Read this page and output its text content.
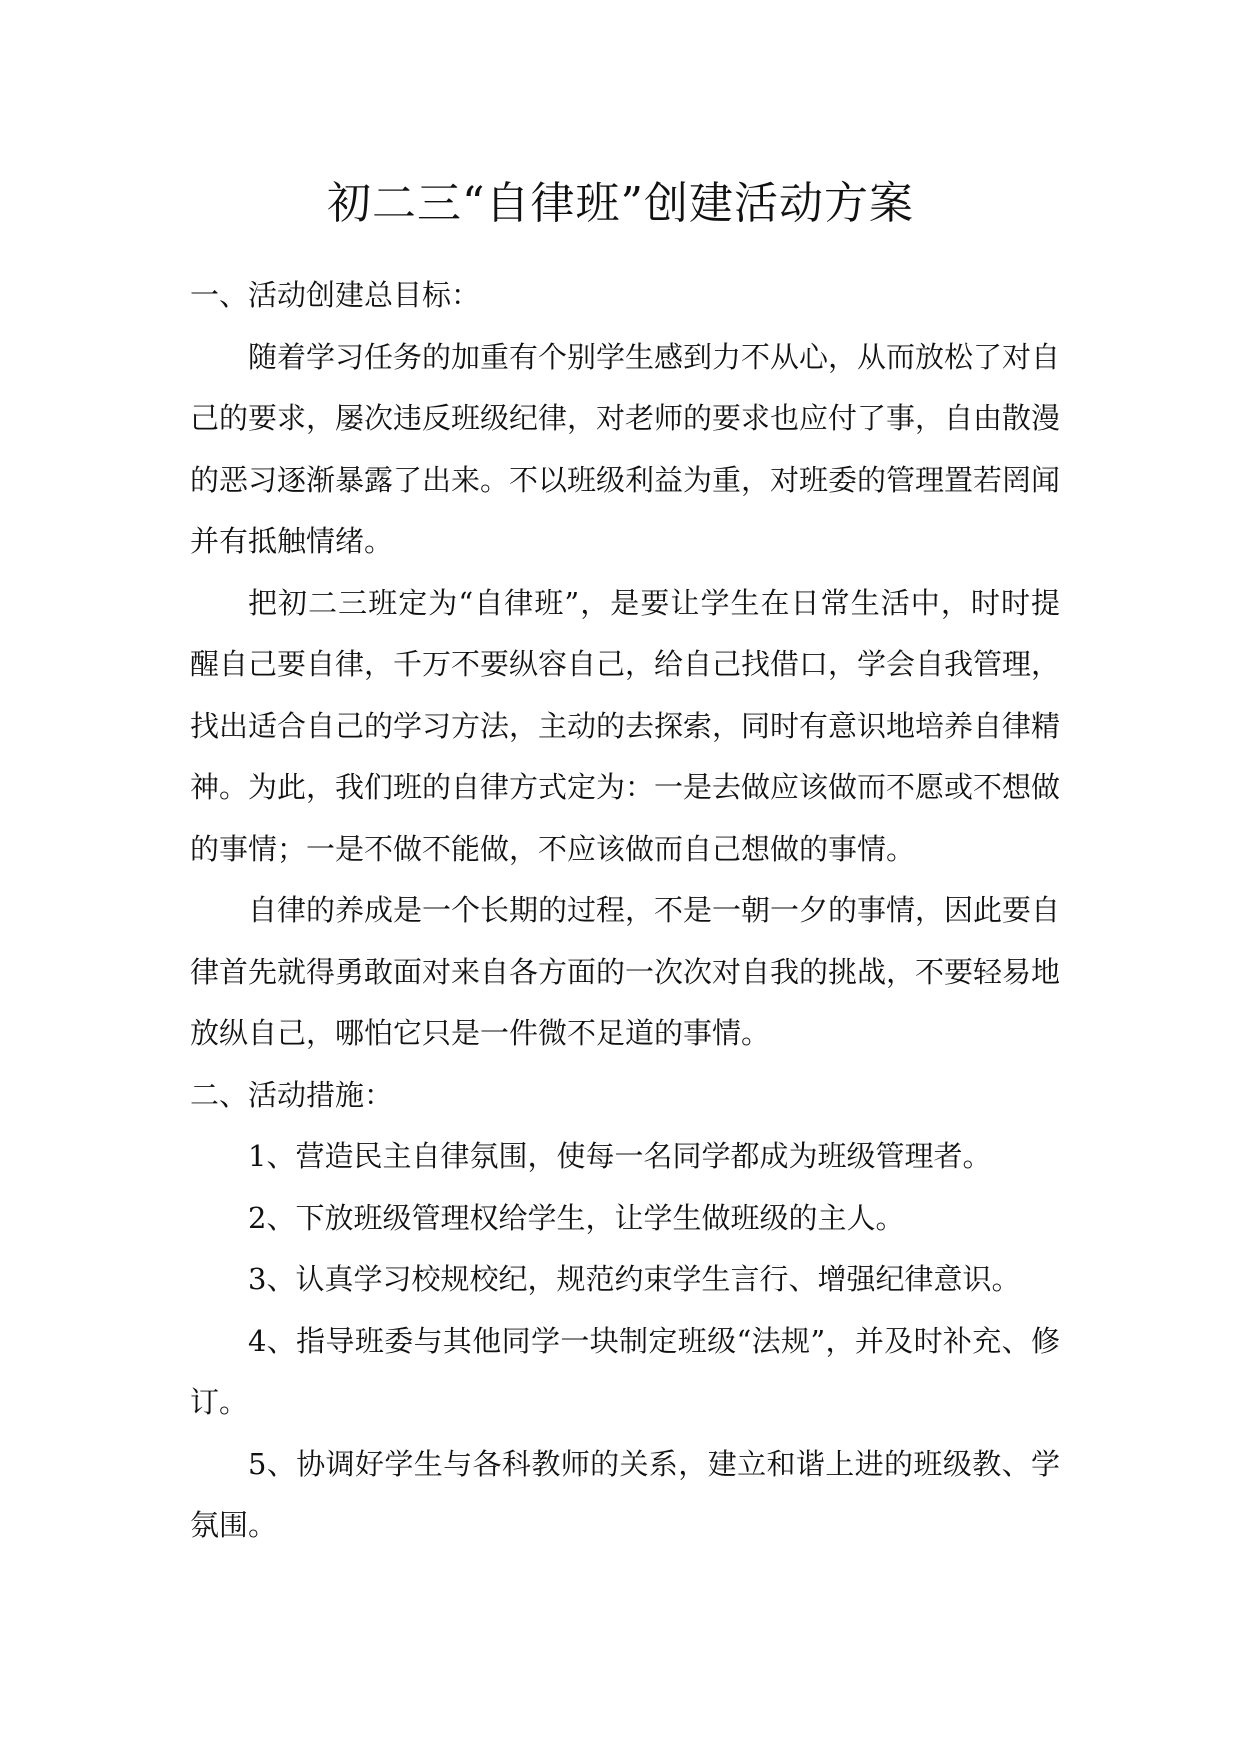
初二三“自律班”创建活动方案

一、活动创建总目标：

随着学习任务的加重有个别学生感到力不从心，从而放松了对自己的要求，屡次违反班级纪律，对老师的要求也应付了事，自由散漫的恶习逐渐暴露了出来。不以班级利益为重，对班委的管理置若罔闻并有抵触情绪。

把初二三班定为“自律班”，是要让学生在日常生活中，时时提醒自己要自律，千万不要纵容自己，给自己找借口，学会自我管理，找出适合自己的学习方法，主动的去探索，同时有意识地培养自律精神。为此，我们班的自律方式定为：一是去做应该做而不愿或不想做的事情；一是不做不能做，不应该做而自己想做的事情。

自律的养成是一个长期的过程，不是一朝一夕的事情，因此要自律首先就得勇敢面对来自各方面的一次次对自我的挑战，不要轻易地放纵自己，哪怕它只是一件微不足道的事情。

二、活动措施：

1、营造民主自律氛围，使每一名同学都成为班级管理者。

2、下放班级管理权给学生，让学生做班级的主人。

3、认真学习校规校纪，规范约束学生言行、增强纪律意识。

4、指导班委与其他同学一块制定班级“法规”，并及时补充、修订。

5、协调好学生与各科教师的关系，建立和谐上进的班级教、学氛围。
